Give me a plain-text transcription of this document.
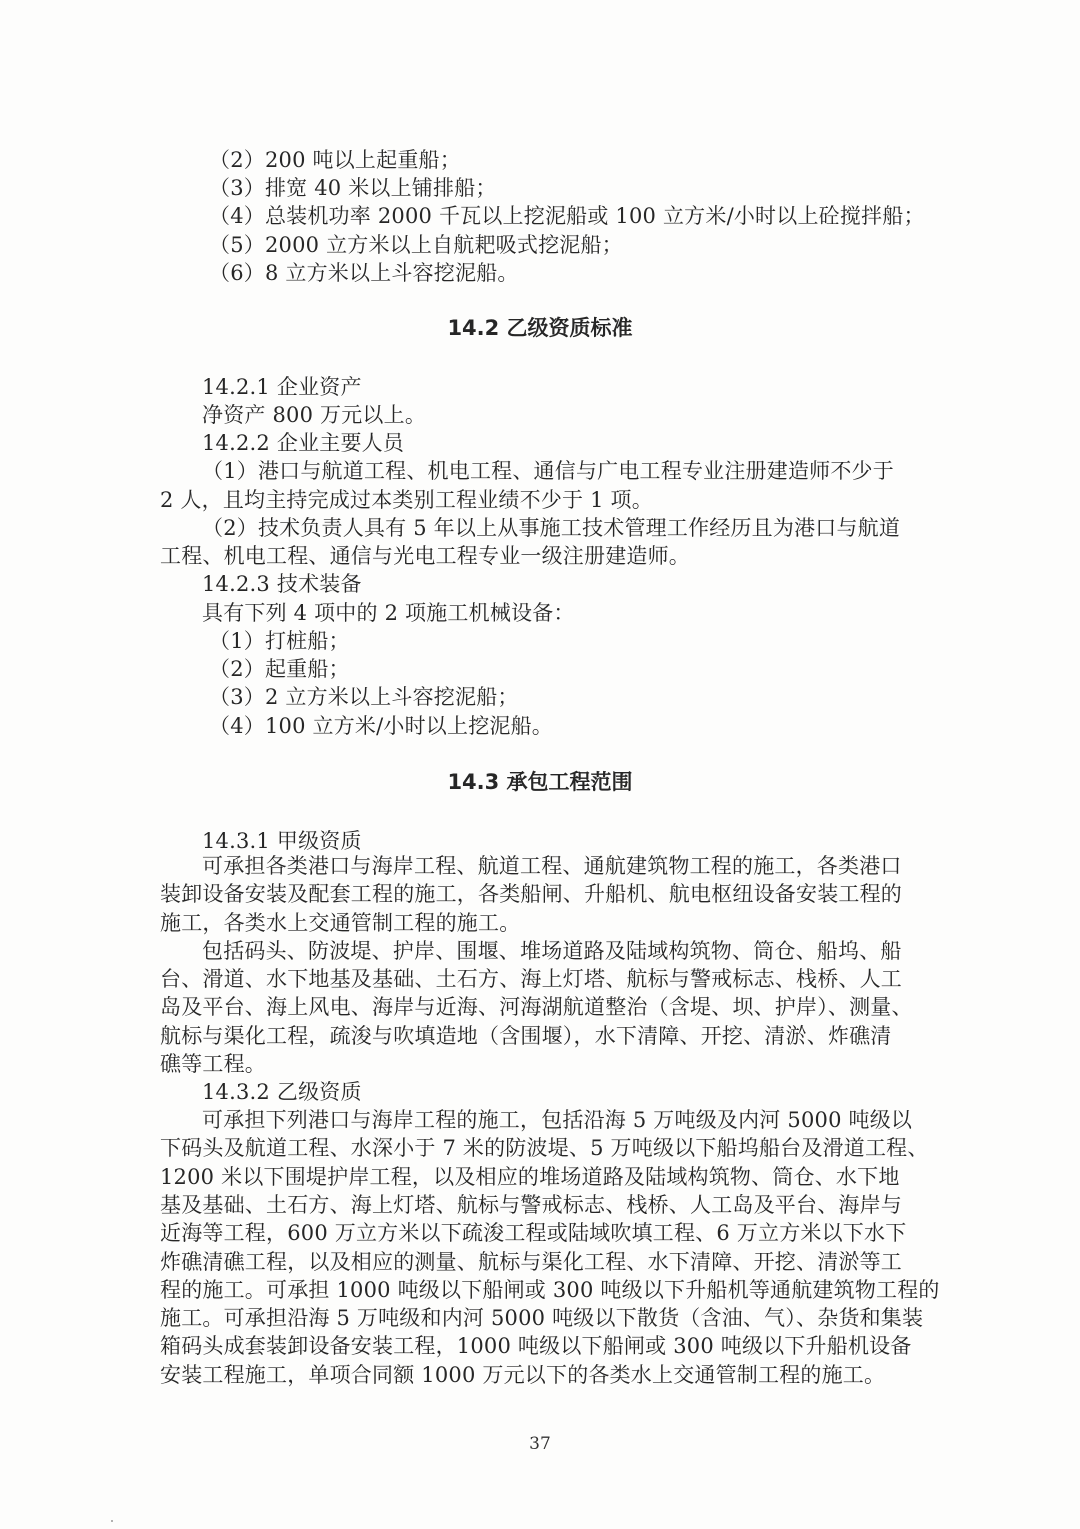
（2）200 吨以上起重船；
（3）排宽 40 米以上铺排船；
（4）总装机功率 2000 千瓦以上挖泥船或 100 立方米/小时以上砼搅拌船；
（5）2000 立方米以上自航耙吸式挖泥船；
（6）8 立方米以上斗容挖泥船。
14.2 乙级资质标准
14.2.1 企业资产
净资产 800 万元以上。
14.2.2 企业主要人员
（1）港口与航道工程、机电工程、通信与广电工程专业注册建造师不少于
2 人，且均主持完成过本类别工程业绩不少于 1 项。
（2）技术负责人具有 5 年以上从事施工技术管理工作经历且为港口与航道
工程、机电工程、通信与光电工程专业一级注册建造师。
14.2.3 技术装备
具有下列 4 项中的 2 项施工机械设备：
（1）打桩船；
（2）起重船；
（3）2 立方米以上斗容挖泥船；
（4）100 立方米/小时以上挖泥船。
14.3 承包工程范围
14.3.1 甲级资质
可承担各类港口与海岸工程、航道工程、通航建筑物工程的施工，各类港口
装卸设备安装及配套工程的施工，各类船闸、升船机、航电枢纽设备安装工程的
施工，各类水上交通管制工程的施工。
包括码头、防波堤、护岸、围堰、堆场道路及陆域构筑物、筒仓、船坞、船
台、滑道、水下地基及基础、土石方、海上灯塔、航标与警戒标志、栈桥、人工
岛及平台、海上风电、海岸与近海、河海湖航道整治（含堤、坝、护岸）、测量、
航标与渠化工程，疏浚与吹填造地（含围堰），水下清障、开挖、清淤、炸礁清
礁等工程。
14.3.2 乙级资质
可承担下列港口与海岸工程的施工，包括沿海 5 万吨级及内河 5000 吨级以
下码头及航道工程、水深小于 7 米的防波堤、5 万吨级以下船坞船台及滑道工程、
1200 米以下围堤护岸工程，以及相应的堆场道路及陆域构筑物、筒仓、水下地
基及基础、土石方、海上灯塔、航标与警戒标志、栈桥、人工岛及平台、海岸与
近海等工程，600 万立方米以下疏浚工程或陆域吹填工程、6 万立方米以下水下
炸礁清礁工程，以及相应的测量、航标与渠化工程、水下清障、开挖、清淤等工
程的施工。可承担 1000 吨级以下船闸或 300 吨级以下升船机等通航建筑物工程的
施工。可承担沿海 5 万吨级和内河 5000 吨级以下散货（含油、气）、杂货和集装
箱码头成套装卸设备安装工程，1000 吨级以下船闸或 300 吨级以下升船机设备
安装工程施工，单项合同额 1000 万元以下的各类水上交通管制工程的施工。
37
